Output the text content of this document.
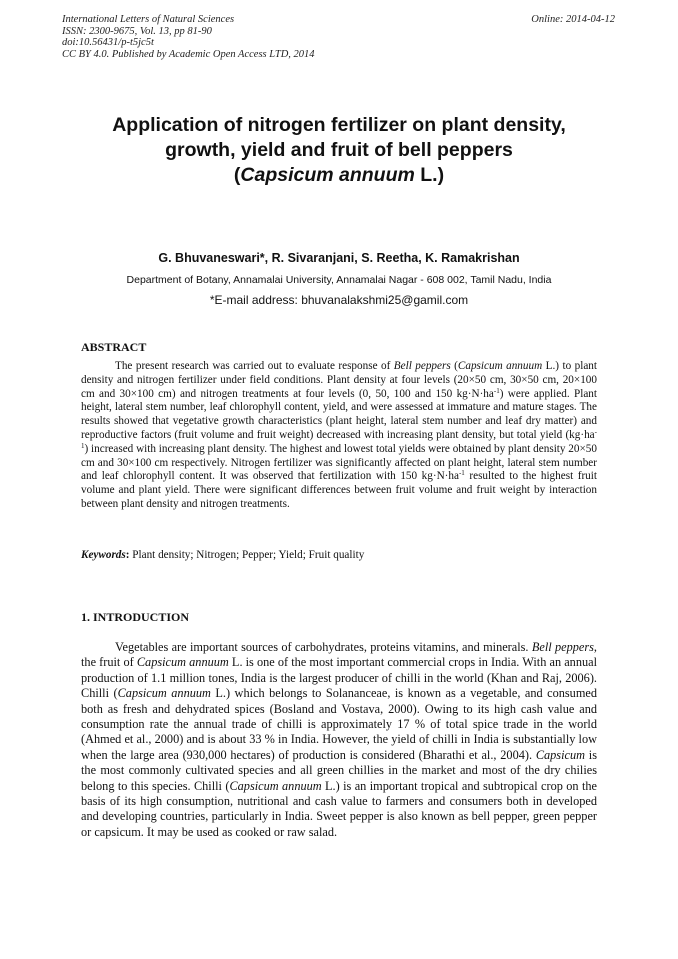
International Letters of Natural Sciences
ISSN: 2300-9675, Vol. 13, pp 81-90
doi:10.56431/p-t5jc5t
CC BY 4.0. Published by Academic Open Access LTD, 2014
Online: 2014-04-12
Application of nitrogen fertilizer on plant density,
growth, yield and fruit of bell peppers
(Capsicum annuum L.)
G. Bhuvaneswari*, R. Sivaranjani, S. Reetha, K. Ramakrishan
Department of Botany, Annamalai University, Annamalai Nagar - 608 002, Tamil Nadu, India
*E-mail address: bhuvanalakshmi25@gamil.com
ABSTRACT
The present research was carried out to evaluate response of Bell peppers (Capsicum annuum L.) to plant density and nitrogen fertilizer under field conditions. Plant density at four levels (20×50 cm, 30×50 cm, 20×100 cm and 30×100 cm) and nitrogen treatments at four levels (0, 50, 100 and 150 $kg\cdot N\cdot ha^{-1}$) were applied. Plant height, lateral stem number, leaf chlorophyll content, yield, and were assessed at immature and mature stages. The results showed that vegetative growth characteristics (plant height, lateral stem number and leaf dry matter) and reproductive factors (fruit volume and fruit weight) decreased with increasing plant density, but total yield $(kg\cdot ha^{-1})$ increased with increasing plant density. The highest and lowest total yields were obtained by plant density 20×50 cm and 30×100 cm respectively. Nitrogen fertilizer was significantly affected on plant height, lateral stem number and leaf chlorophyll content. It was observed that fertilization with 150 $kg\cdot N\cdot ha^{-1}$ resulted to the highest fruit volume and plant yield. There were significant differences between fruit volume and fruit weight by interaction between plant density and nitrogen treatments.
Keywords: Plant density; Nitrogen; Pepper; Yield; Fruit quality
1. INTRODUCTION
Vegetables are important sources of carbohydrates, proteins vitamins, and minerals. Bell peppers, the fruit of Capsicum annuum L. is one of the most important commercial crops in India. With an annual production of 1.1 million tones, India is the largest producer of chilli in the world (Khan and Raj, 2006). Chilli (Capsicum annuum L.) which belongs to Solananceae, is known as a vegetable, and consumed both as fresh and dehydrated spices (Bosland and Vostava, 2000). Owing to its high cash value and consumption rate the annual trade of chilli is approximately 17 % of total spice trade in the world (Ahmed et al., 2000) and is about 33 % in India. However, the yield of chilli in India is substantially low when the large area (930,000 hectares) of production is considered (Bharathi et al., 2004). Capsicum is the most commonly cultivated species and all green chillies in the market and most of the dry chilies belong to this species. Chilli (Capsicum annuum L.) is an important tropical and subtropical crop on the basis of its high consumption, nutritional and cash value to farmers and consumers both in developed and developing countries, particularly in India. Sweet pepper is also known as bell pepper, green pepper or capsicum. It may be used as cooked or raw salad.
